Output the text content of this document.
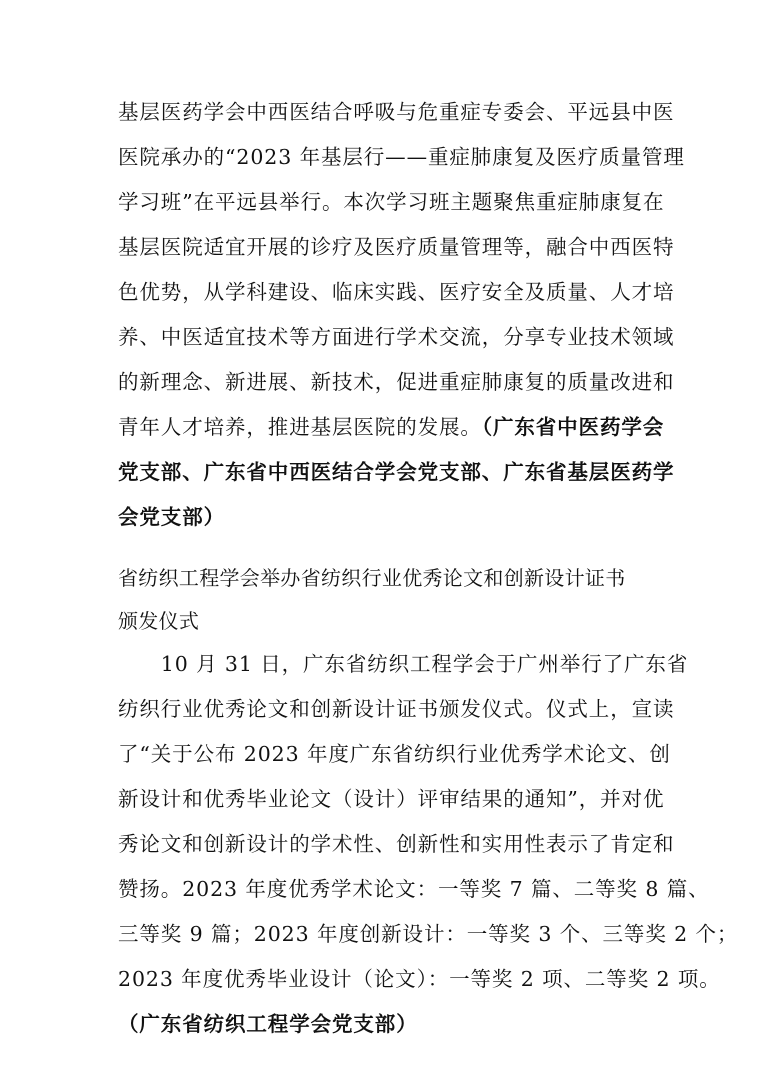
基层医药学会中西医结合呼吸与危重症专委会、平远县中医
医院承办的“2023 年基层行——重症肺康复及医疗质量管理
学习班”在平远县举行。本次学习班主题聚焦重症肺康复在
基层医院适宜开展的诊疗及医疗质量管理等，融合中西医特
色优势，从学科建设、临床实践、医疗安全及质量、人才培
养、中医适宜技术等方面进行学术交流，分享专业技术领域
的新理念、新进展、新技术，促进重症肺康复的质量改进和
青年人才培养，推进基层医院的发展。（广东省中医药学会
党支部、广东省中西医结合学会党支部、广东省基层医药学
会党支部）
省纺织工程学会举办省纺织行业优秀论文和创新设计证书
颁发仪式
　　10 月 31 日，广东省纺织工程学会于广州举行了广东省
纺织行业优秀论文和创新设计证书颁发仪式。仪式上，宣读
了“关于公布 2023 年度广东省纺织行业优秀学术论文、创
新设计和优秀毕业论文（设计）评审结果的通知”，并对优
秀论文和创新设计的学术性、创新性和实用性表示了肯定和
赞扬。2023 年度优秀学术论文：一等奖 7 篇、二等奖 8 篇、
三等奖 9 篇；2023 年度创新设计：一等奖 3 个、三等奖 2 个；
2023 年度优秀毕业设计（论文）：一等奖 2 项、二等奖 2 项。
（广东省纺织工程学会党支部）
